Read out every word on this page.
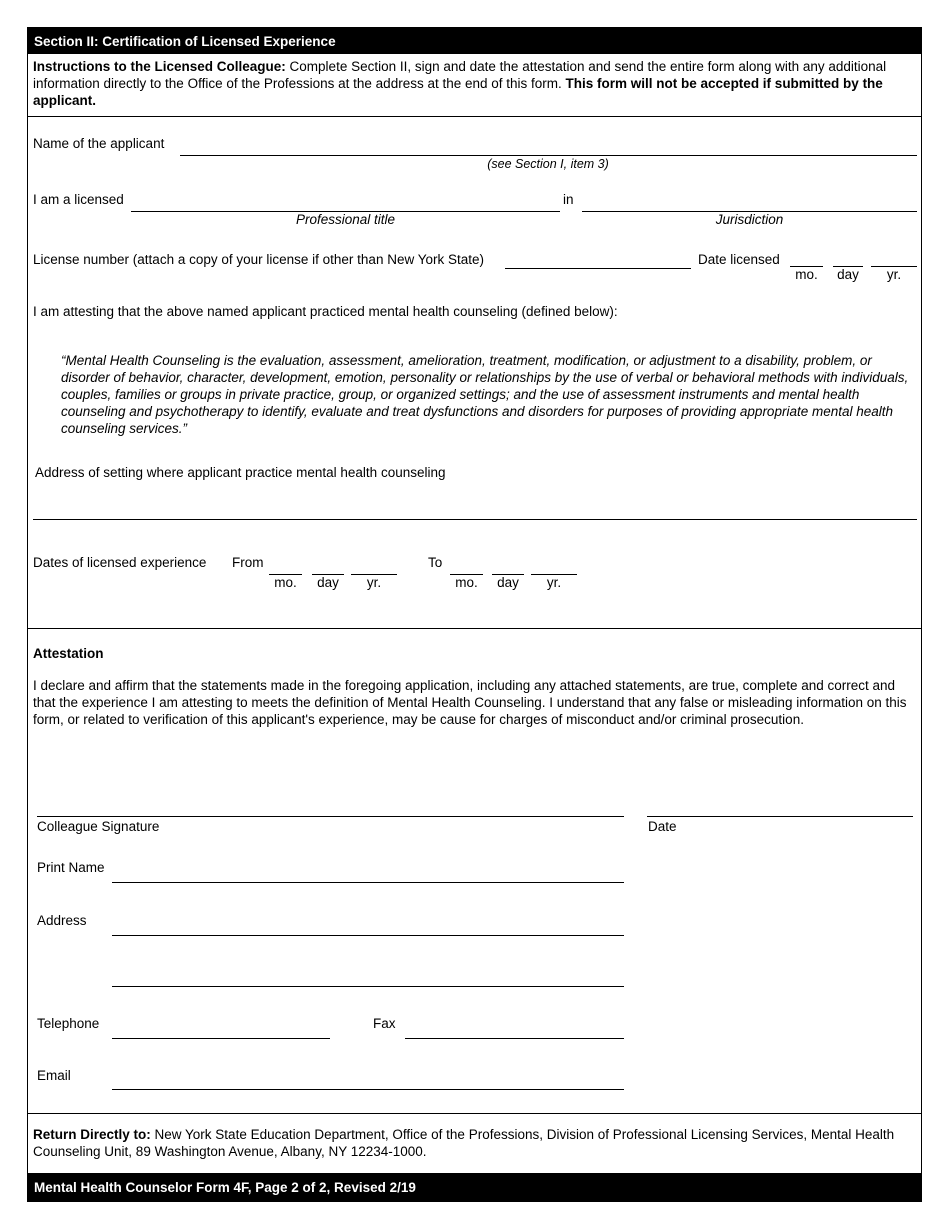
Section II: Certification of Licensed Experience
Instructions to the Licensed Colleague: Complete Section II, sign and date the attestation and send the entire form along with any additional information directly to the Office of the Professions at the address at the end of this form. This form will not be accepted if submitted by the applicant.
Name of the applicant
(see Section I, item 3)
I am a licensed	in
Professional title	Jurisdiction
License number (attach a copy of your license if other than New York State)	Date licensed
mo.	day	yr.
I am attesting that the above named applicant practiced mental health counseling (defined below):
“Mental Health Counseling is the evaluation, assessment, amelioration, treatment, modification, or adjustment to a disability, problem, or disorder of behavior, character, development, emotion, personality or relationships by the use of verbal or behavioral methods with individuals, couples, families or groups in private practice, group, or organized settings; and the use of assessment instruments and mental health counseling and psychotherapy to identify, evaluate and treat dysfunctions and disorders for purposes of providing appropriate mental health counseling services.”
Address of setting where applicant practice mental health counseling
Dates of licensed experience From
mo.	day	yr.
To
mo.	day	yr.
Attestation
I declare and affirm that the statements made in the foregoing application, including any attached statements, are true, complete and correct and that the experience I am attesting to meets the definition of Mental Health Counseling. I understand that any false or misleading information on this form, or related to verification of this applicant's experience, may be cause for charges of misconduct and/or criminal prosecution.
Colleague Signature	Date
Print Name
Address
Telephone	Fax
Email
Return Directly to: New York State Education Department, Office of the Professions, Division of Professional Licensing Services, Mental Health Counseling Unit, 89 Washington Avenue, Albany, NY 12234-1000.
Mental Health Counselor Form 4F, Page 2 of 2, Revised 2/19
